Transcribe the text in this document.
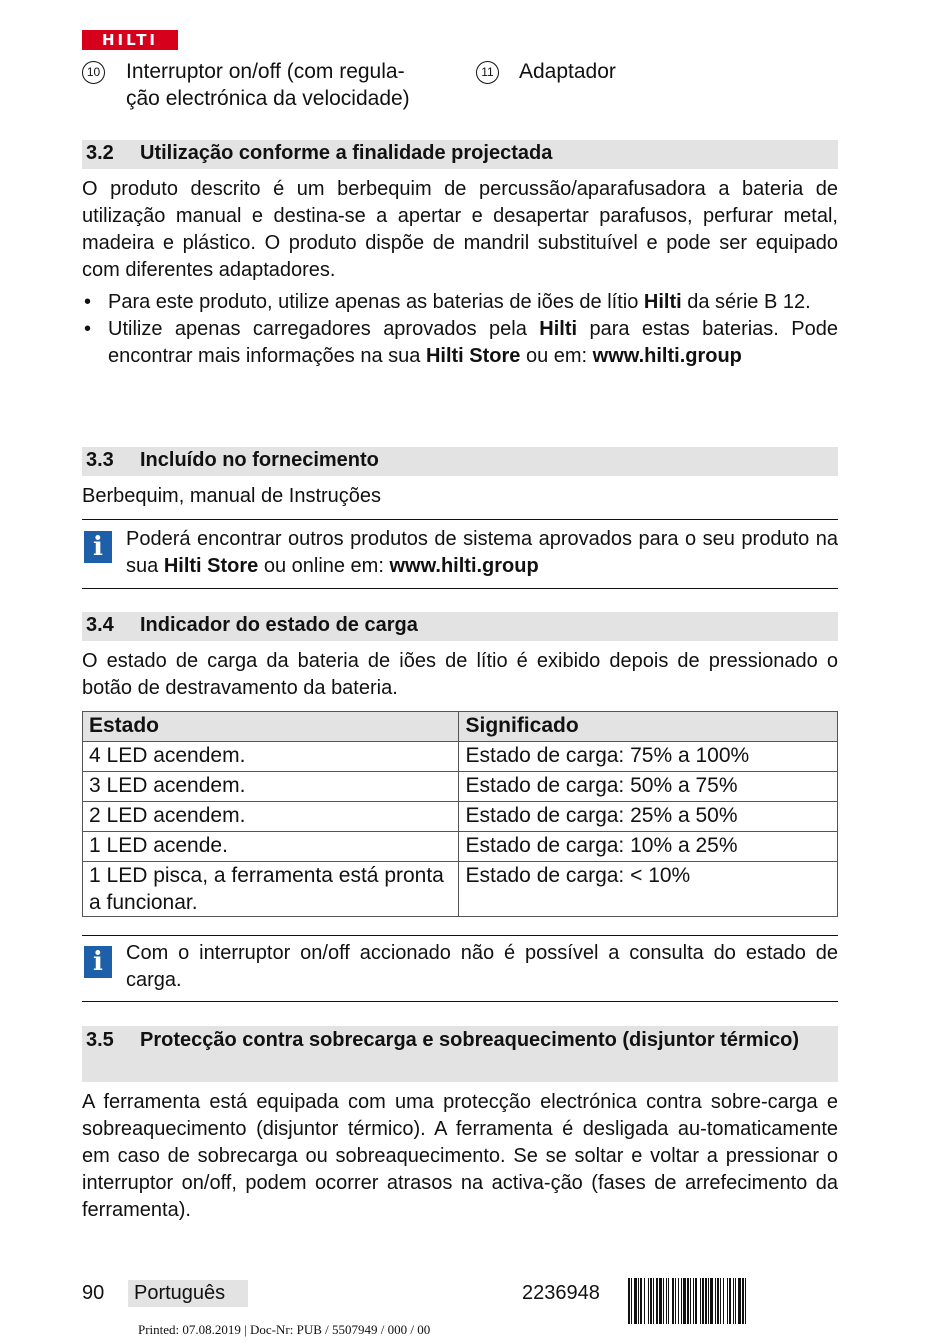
HILTI
10 Interruptor on/off (com regula-
ção electrónica da velocidade)
11 Adaptador
3.2 Utilização conforme a finalidade projectada
O produto descrito é um berbequim de percussão/aparafusadora a bateria de utilização manual e destina-se a apertar e desapertar parafusos, perfurar metal, madeira e plástico. O produto dispõe de mandril substituível e pode ser equipado com diferentes adaptadores.
• Para este produto, utilize apenas as baterias de iões de lítio Hilti da série B 12.
• Utilize apenas carregadores aprovados pela Hilti para estas baterias. Pode encontrar mais informações na sua Hilti Store ou em: www.hilti.group
3.3 Incluído no fornecimento
Berbequim, manual de Instruções
i	Poderá encontrar outros produtos de sistema aprovados para o seu produto na sua Hilti Store ou online em: www.hilti.group
3.4 Indicador do estado de carga
O estado de carga da bateria de iões de lítio é exibido depois de pressionado o botão de destravamento da bateria.
Estado	Significado
4 LED acendem.	Estado de carga: 75% a 100%
3 LED acendem.	Estado de carga: 50% a 75%
2 LED acendem.	Estado de carga: 25% a 50%
1 LED acende.	Estado de carga: 10% a 25%
1 LED pisca, a ferramenta está pronta a funcionar.	Estado de carga: < 10%
i	Com o interruptor on/off accionado não é possível a consulta do estado de carga.
3.5 Protecção contra sobrecarga e sobreaquecimento (disjuntor térmico)
A ferramenta está equipada com uma protecção electrónica contra sobre-carga e sobreaquecimento (disjuntor térmico). A ferramenta é desligada au-tomaticamente em caso de sobrecarga ou sobreaquecimento. Se se soltar e voltar a pressionar o interruptor on/off, podem ocorrer atrasos na activa-ção (fases de arrefecimento da ferramenta).
90	Português	2236948
Printed: 07.08.2019 | Doc-Nr: PUB / 5507949 / 000 / 00
